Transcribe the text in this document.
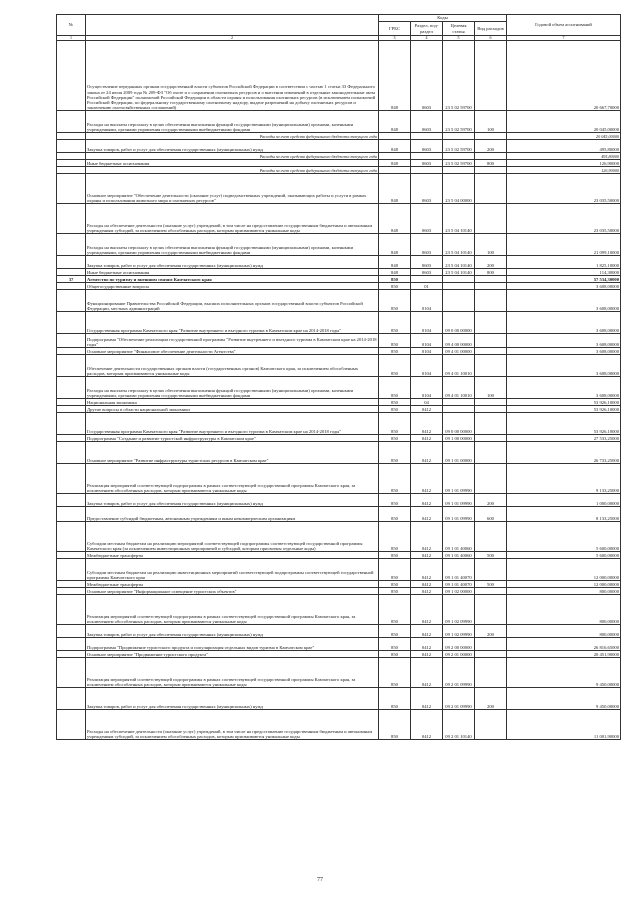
№		Коды				Годовой объем ассигнований
		ГРБС	Раздел, под- раздел	Целевая статья	Вид расходов	
1	2	3	4	5	6	7
	Осуществление переданных органам государственной власти субъектов Российской Федерации в соответствии с частью 1 статьи 33 Федерального закона от 24 июля 2009 года № 209-ФЗ "Об охоте и о сохранении охотничьих ресурсов и о внесении изменений в отдельные законодательные акты Российской Федерации" полномочий Российской Федерации в области охраны и использования охотничьих ресурсов (в исключением полномочий Российской Федерации, по федеральному государственному охотничьему надзору, выдаче разрешений на добычу охотничьих ресурсов и заключению охотхозяйственных соглашений)	848	0603	23 5 02 59700		20 667,70000
	Расходы на выплаты персоналу в целях обеспечения выполнения функций государственными (муниципальными) органами, казенными учреждениями, органами управления государственными внебюджетными фондами	848	0603	23 5 02 59700	100	20 045,00000
	Расходы за счет средств федерального бюджета текущего года					20 045,00000
	Закупка товаров, работ и услуг для обеспечения государственных (муниципальных) нужд	848	0603	23 5 02 59700	200	495,80000
	Расходы за счет средств федерального бюджета текущего года					495,80000
	Иные бюджетные ассигнования	848	0603	23 5 02 59700	800	126,90000
	Расходы за счет средств федерального бюджета текущего года					126,90000
	Основное мероприятие "Обеспечение деятельности (оказание услуг) подведомственных учреждений, оказывающих работы и услуги в рамках охраны и использования животного мира и охотничьих ресурсов"	848	0603	23 5 04 00000		23 035,50000
	Расходы на обеспечение деятельности (оказание услуг) учреждений, в том числе на предоставление государственным бюджетным и автономным учреждениям субсидий, за исключением обособленных расходов, которым присваиваются уникальные коды	848	0603	23 5 04 10140		23 035,50000
	Расходы на выплаты персоналу в целях обеспечения выполнения функций государственными (муниципальными) органами, казенными учреждениями, органами управления государственными внебюджетными фондами	848	0603	23 5 04 10140	100	21 099,10000
	Закупка товаров, работ и услуг для обеспечения государственных (муниципальных) нужд	848	0603	23 5 04 10140	200	1 825,10000
	Иные бюджетные ассигнования	848	0603	23 5 04 10140	800	114,30000
37	Агентство по туризму и внешним связям Камчатского края	850				57 534,30000
	Общегосударственные вопросы	850	01			3 608,00000
	Функционирование Правительства Российской Федерации, высших исполнительных органов государственной власти субъектов Российской Федерации, местных администраций	850	0104			3 608,00000
	Государственная программа Камчатского края "Развитие внутреннего и въездного туризма в Камчатском крае на 2014-2018 годы"	850	0104	09 0 00 00000		3 608,00000
	Подпрограмма "Обеспечение реализации государственной программы "Развитие внутреннего и въездного туризма в Камчатском крае на 2014-2018 годы"	850	0104	09 4 00 00000		3 608,00000
	Основное мероприятие "Финансовое обеспечение деятельности Агентства"	850	0104	09 4 01 00000		3 608,00000
	Обеспечение деятельности государственных органов власти (государственных органов) Камчатского края, за исключением обособленных расходов, которым присваиваются уникальные коды	850	0104	09 4 01 10010		3 608,00000
	Расходы на выплаты персоналу в целях обеспечения выполнения функций государственными (муниципальными) органами, казенными учреждениями, органами управления государственными внебюджетными фондами	850	0104	09 4 01 10010	100	3 608,00000
	Национальная экономика	850	04			53 926,10000
	Другие вопросы в области национальной экономики	850	0412			53 926,10000
	Государственная программа Камчатского края "Развитие внутреннего и въездного туризма в Камчатском крае на 2014-2018 годы"	850	0412	09 0 00 00000		53 926,10000
	Подпрограмма "Создание и развитие туристской инфраструктуры в Камчатском крае"	850	0412	09 1 00 00000		27 533,25000
	Основное мероприятие "Развитие инфраструктуры туристских ресурсов в Камчатском крае"	850	0412	09 1 01 00000		26 733,25000
	Реализация мероприятий соответствующей подпрограммы в рамках соответствующей государственной программы Камчатского края, за исключением обособленных расходов, которым присваиваются уникальные коды	850	0412	09 1 01 09990		9 133,25000
	Закупка товаров, работ и услуг для обеспечения государственных (муниципальных) нужд	850	0412	09 1 01 09990	200	1 000,00000
	Предоставление субсидий бюджетным, автономным учреждениям и иным некоммерческим организациям	850	0412	09 1 01 09990	600	8 133,25000
	Субсидии местным бюджетам на реализацию мероприятий соответствующей подпрограммы соответствующей государственной программы Камчатского края (за исключением инвестиционных мероприятий и субсидий, которым присвоены отдельные коды)	850	0412	09 1 01 40060		5 600,00000
	Межбюджетные трансферты	850	0412	09 1 01 40060	500	5 600,00000
	Субсидии местным бюджетам на реализацию инвестиционных мероприятий соответствующей подпрограммы соответствующей государственной программы Камчатского края	850	0412	09 1 01 40070		12 000,00000
	Межбюджетные трансферты	850	0412	09 1 01 40070	500	12 000,00000
	Основное мероприятие "Информационное освещение туристских объектов"	850	0412	09 1 02 00000		800,00000
	Реализация мероприятий соответствующей подпрограммы в рамках соответствующей государственной программы Камчатского края, за исключением обособленных расходов, которым присваиваются уникальные коды	850	0412	09 1 02 09990		800,00000
	Закупка товаров, работ и услуг для обеспечения государственных (муниципальных) нужд	850	0412	09 1 02 09990	200	800,00000
	Подпрограмма "Продвижение туристского продукта и популяризация отдельных видов туризма в Камчатском крае"	850	0412	09 2 00 00000		26 816,65000
	Основное мероприятие "Продвижение туристского продукта"	850	0412	09 2 01 00000		20 451,90000
	Реализация мероприятий соответствующей подпрограммы в рамках соответствующей государственной программы Камчатского края, за исключением обособленных расходов, которым присваиваются уникальные коды	850	0412	09 2 01 09990		9 450,00000
	Закупка товаров, работ и услуг для обеспечения государственных (муниципальных) нужд	850	0412	09 2 01 09990	200	9 450,00000
	Расходы на обеспечение деятельности (оказание услуг) учреждений, в том числе на предоставление государственным бюджетным и автономным учреждениям субсидий, за исключением обособленных расходов, которым присваиваются уникальные коды	850	0412	09 2 01 10140		11 001,90000
77
